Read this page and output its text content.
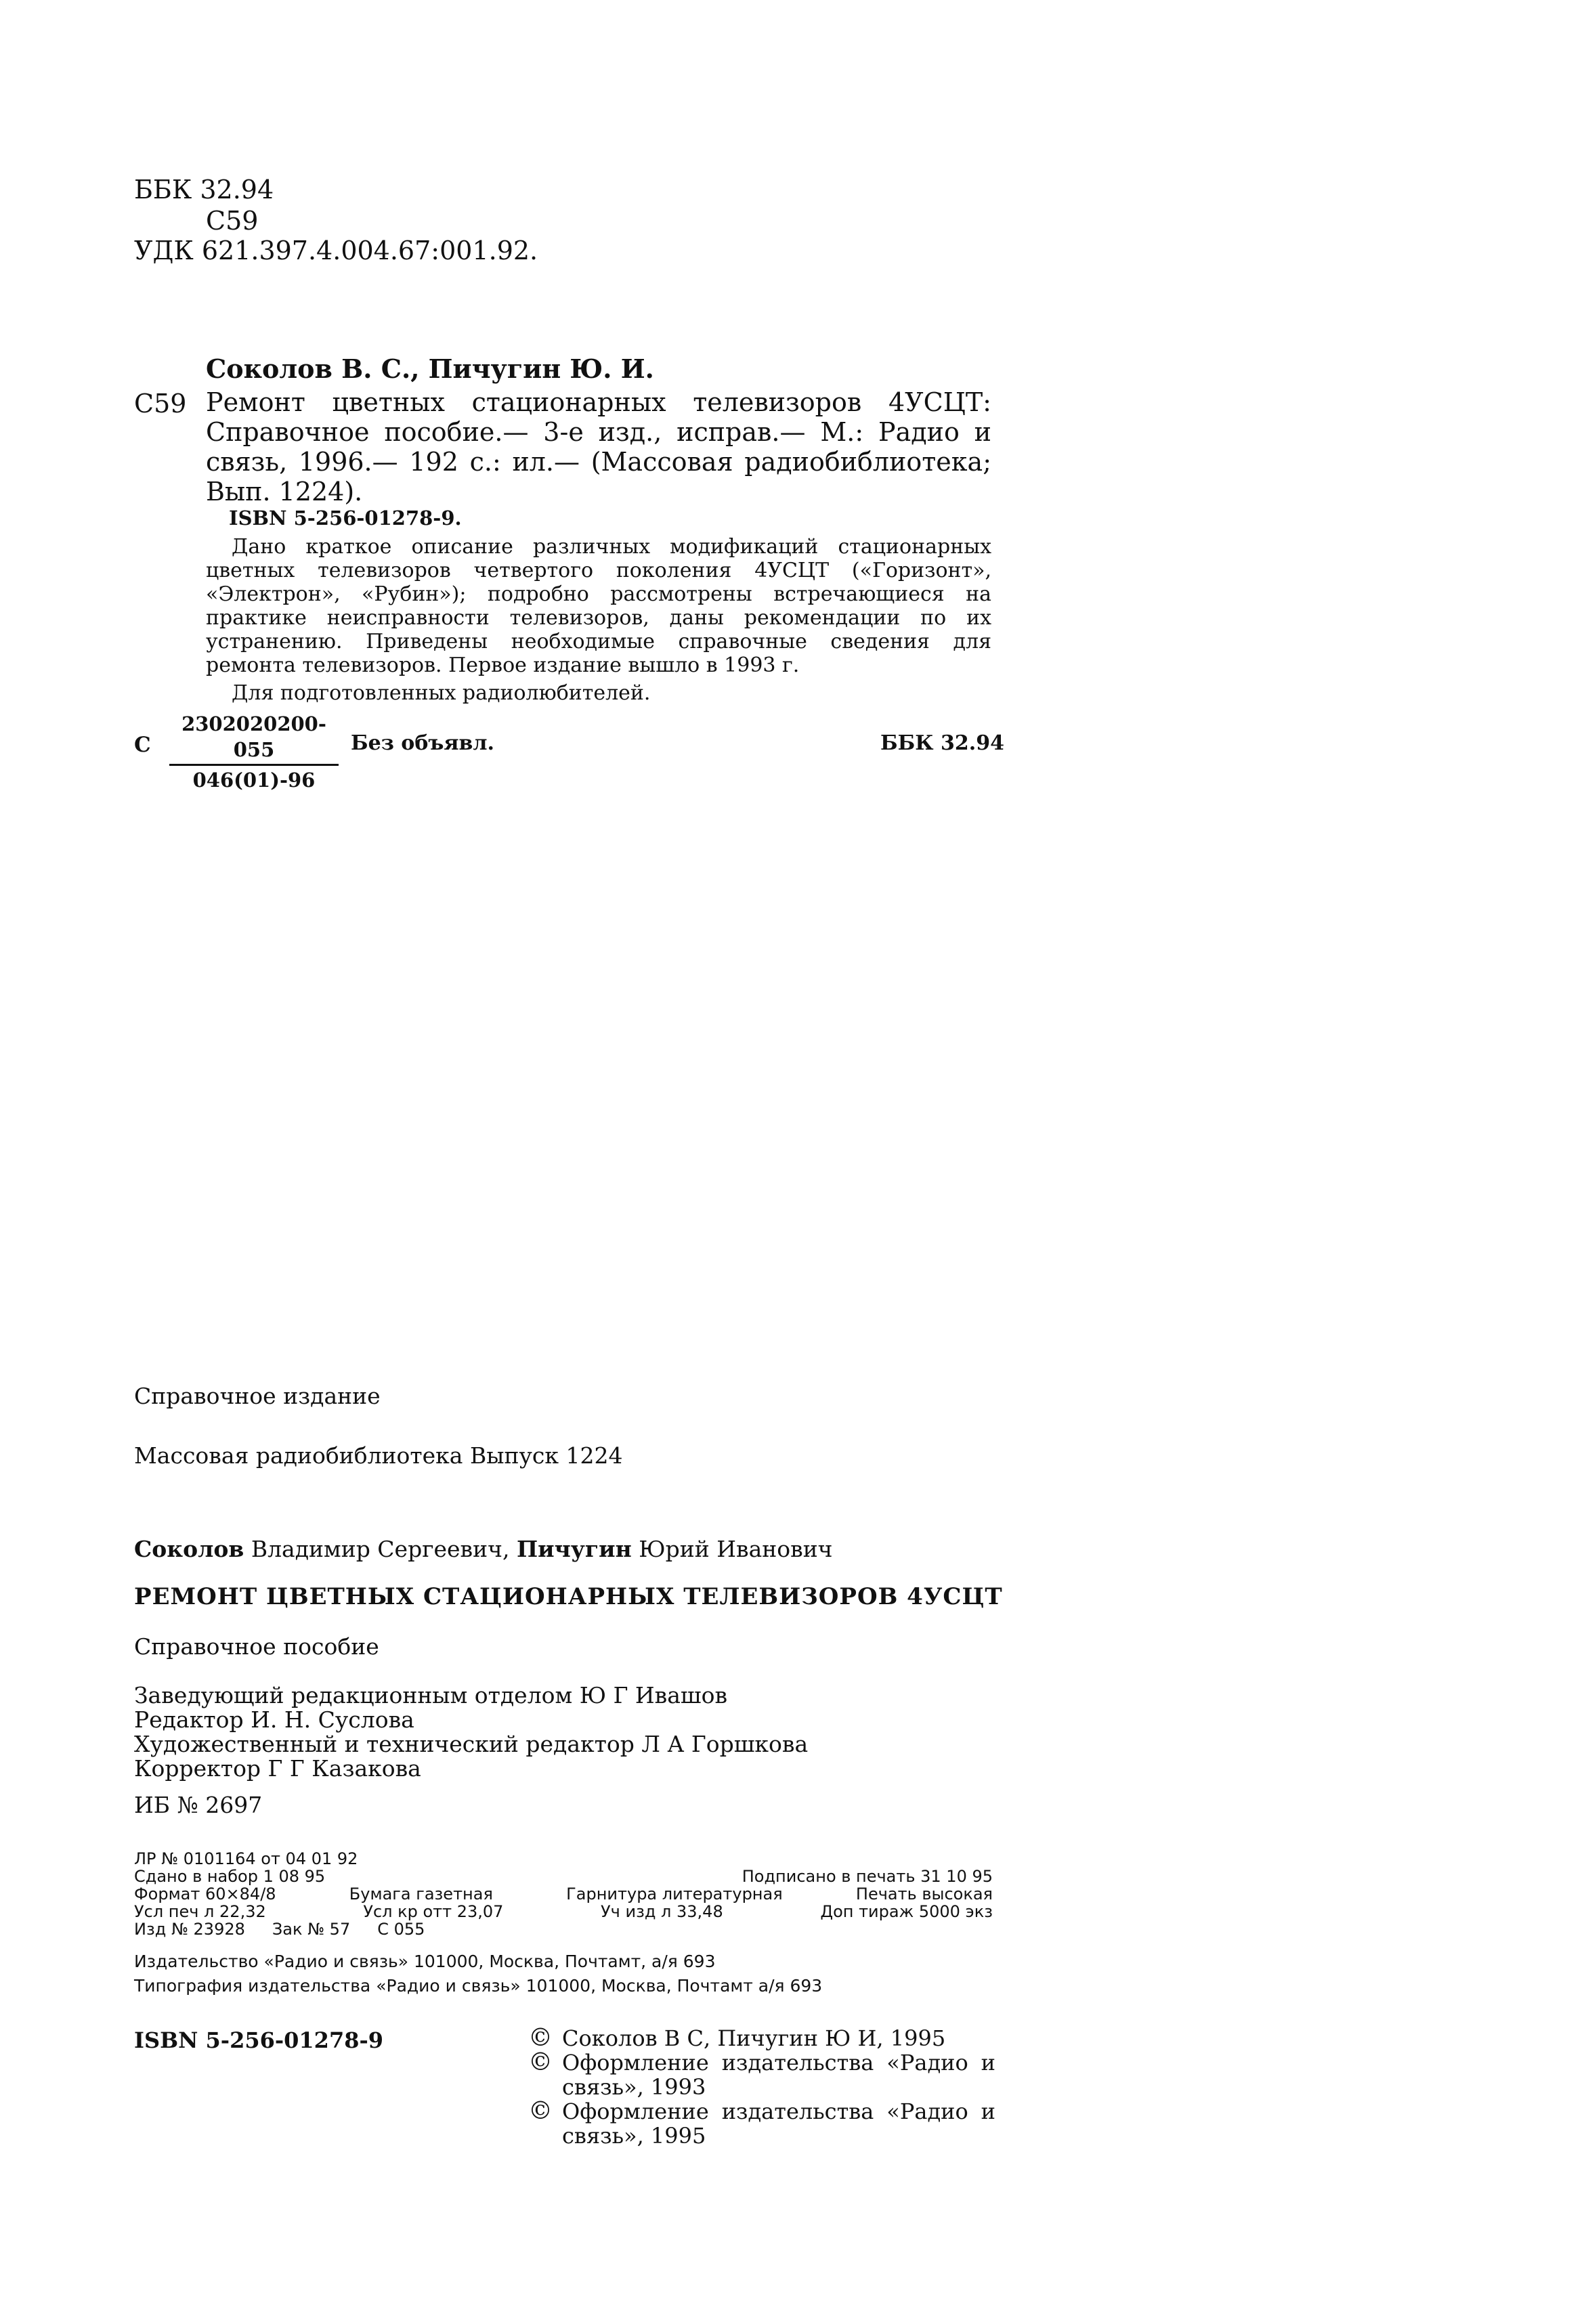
ББК 32.94
С59
УДК 621.397.4.004.67:001.92.
Соколов В. С., Пичугин Ю. И.
С59 Ремонт цветных стационарных телевизоров 4УСЦТ: Справочное пособие.— 3-е изд., исправ.— М.: Радио и связь, 1996.— 192 с.: ил.— (Массовая радиобиблиотека; Вып. 1224).
ISBN 5-256-01278-9.
Дано краткое описание различных модификаций стационарных цветных телевизоров четвертого поколения 4УСЦТ («Горизонт», «Электрон», «Рубин»); подробно рассмотрены встречающиеся на практике неисправности телевизоров, даны рекомендации по их устранению. Приведены необходимые справочные сведения для ремонта телевизоров. Первое издание вышло в 1993 г.
Для подготовленных радиолюбителей.
С
2302020200-055
046(01)-96
Без объявл.	ББК 32.94
Справочное издание
Массовая радиобиблиотека Выпуск 1224
Соколов Владимир Сергеевич, Пичугин Юрий Иванович
РЕМОНТ ЦВЕТНЫХ СТАЦИОНАРНЫХ ТЕЛЕВИЗОРОВ 4УСЦТ
Справочное пособие
Заведующий редакционным отделом Ю Г Ивашов
Редактор И. Н. Суслова
Художественный и технический редактор Л А Горшкова
Корректор Г Г Казакова
ИБ № 2697
ЛР № 0101164 от 04 01 92
Сдано в набор 1 08 95	Подписано в печать 31 10 95
Формат 60×84/8	Бумага газетная	Гарнитура литературная	Печать высокая
Усл печ л 22,32	Усл кр отт 23,07	Уч изд л 33,48	Доп тираж 5000 экз
Изд № 23928 Зак № 57 С 055
Издательство «Радио и связь» 101000, Москва, Почтамт, а/я 693
Типография издательства «Радио и связь» 101000, Москва, Почтамт а/я 693
ISBN 5-256-01278-9	© Соколов В С, Пичугин Ю И, 1995
© Оформление издательства «Радио и связь», 1993
© Оформление издательства «Радио и связь», 1995
